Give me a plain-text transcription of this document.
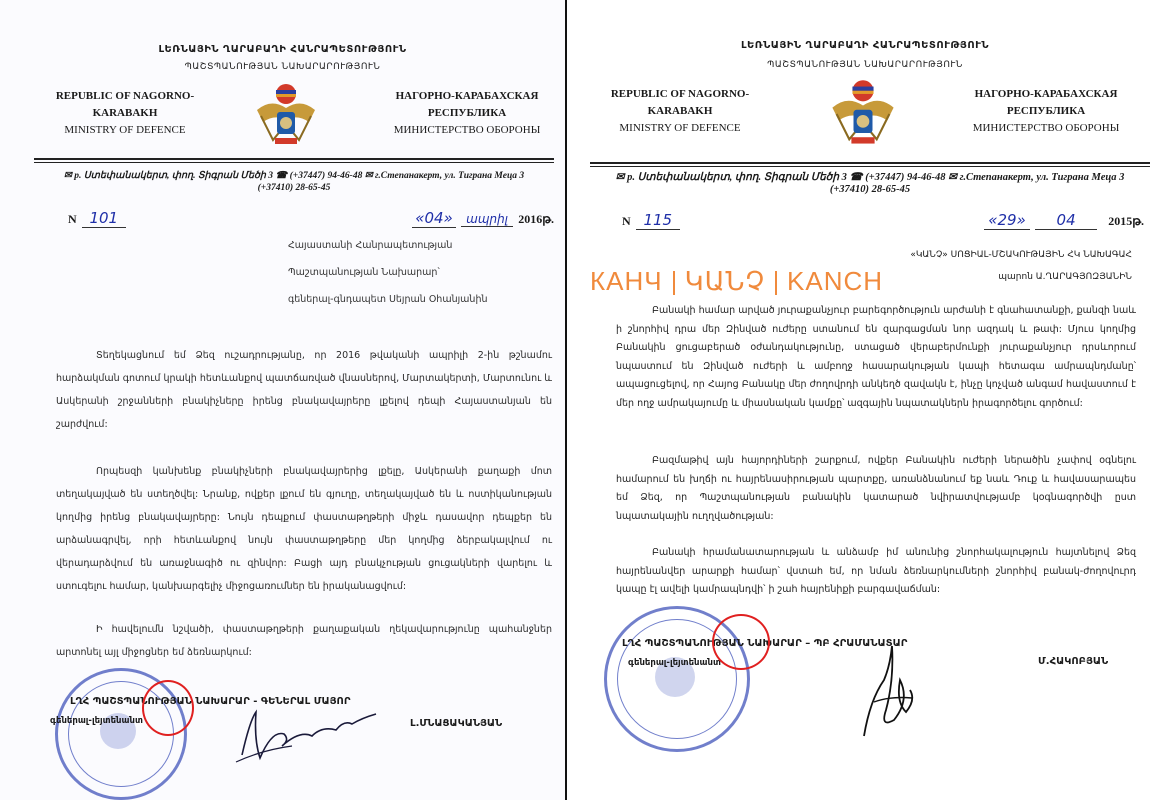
ԼԵՌՆԱՅԻՆ ՂԱՐԱԲԱՂԻ ՀԱՆՐԱՊԵՏՈՒԹՅՈՒՆ
ՊԱՇՏՊԱՆՈՒԹՅԱՆ ՆԱԽԱՐԱՐՈՒԹՅՈՒՆ
REPUBLIC OF NAGORNO-
KARABAKH
MINISTRY OF DEFENCE
НАГОРНО-КАРАБАХСКАЯ
РЕСПУБЛИКА
МИНИСТЕРСТВО ОБОРОНЫ
✉ p. Ստեփանակերտ, փող. Տիգրան Մեծի 3 ☎ (+37447) 94-46-48 ✉ г.Степанакерт, ул. Тиграна Меца 3
(+37410) 28-65-45
N 101	«04» ապրիլ 2016թ.
Հայաստանի Հանրապետության
Պաշտպանության Նախարար՝
գեներալ-գնդապետ Սեյրան Օհանյանին
Տեղեկացնում եմ Ձեզ ուշադրությանը, որ 2016 թվականի ապրիլի 2-ին թշնամու հարձակման գոտում կրակի հետևանքով պատճառված վնասներով, Մարտակերտի, Մարտունու և Ասկերանի շրջանների բնակիչները իրենց բնակավայրերը լքելով դեպի Հայաստանյան են շարժվում:
Որպեսզի կանխենք բնակիչների բնակավայրերից լքելը, Ասկերանի քաղաքի մոտ տեղակայված են ստեղծվել: Նրանք, ովքեր լքում են գյուղը, տեղակայված են և ոստիկանության կողմից իրենց բնակավայրերը: Նույն դեպքում փաստաթղթերի միջև դասավոր դեպքեր են արձանագրվել, որի հետևանքով նույն փաստաթղթերը մեր կողմից ձերբակալվում ու վերադարձվում են առաջնագիծ ու զինվոր: Բացի այդ բնակչության ցուցակների վարելու և ստուգելու համար, կանխարգելիչ միջոցառումներ են իրականացվում:
Ի հավելումն նշվածի, փաստաթղթերի քաղաքական ղեկավարությունը պահանջներ արտոնել այլ միջոցներ եմ ձեռնարկում:
ԼՂՀ ՊԱՇՏՊԱՆՈՒԹՅԱՆ ՆԱԽԱՐԱՐ - ԳԵՆԵՐԱԼ ՄԱՅՈՐ
գեներալ-լեյտենանտ	Լ.ՄՆԱՑԱԿԱՆՅԱՆ
ԼԵՌՆԱՅԻՆ ՂԱՐԱԲԱՂԻ ՀԱՆՐԱՊԵՏՈՒԹՅՈՒՆ
ՊԱՇՏՊԱՆՈՒԹՅԱՆ ՆԱԽԱՐԱՐՈՒԹՅՈՒՆ
REPUBLIC OF NAGORNO-
KARABAKH
MINISTRY OF DEFENCE
НАГОРНО-КАРАБАХСКАЯ
РЕСПУБЛИКА
МИНИСТЕРСТВО ОБОРОНЫ
✉ p. Ստեփանակերտ, փող. Տիգրան Մեծի 3 ☎ (+37447) 94-46-48 ✉ г.Степанакерт, ул. Тиграна Меца 3
(+37410) 28-65-45
N 115	«29» 04	2015թ.
«ԿԱՆՉ» ՍՈՑԻԱԼ-ՄՇԱԿՈՒԹԱՅԻՆ ՀԿ ՆԱԽԱԳԱՀ
պարոն Ա.ՂԱՐԱԳՅՈԶՅԱՆԻՆ
КАНЧ ԿԱՆՉ KANCH
Բանակի համար արված յուրաքանչյուր բարեգործություն արժանի է գնահատանքի, քանզի նաև ի շնորհիվ դրա մեր Զինված ուժերը ստանում են զարգացման նոր ազդակ և թափ: Մյուս կողմից Բանակին ցուցաբերած օժանդակությունը, ստացած վերաբերմունքի յուրաքանչյուր դրսևորում նպաստում են Զինված ուժերի և ամբողջ հասարակության կապի հետագա ամրապնդմանը՝ ապացուցելով, որ Հայոց Բանակը մեր ժողովրդի անկեղծ զավակն է, ինչը կոչված անգամ հավաստում է մեր ողջ ամրակայումը և միասնական կամքը՝ ազգային նպատակներն իրագործելու գործում:
Բազմաթիվ այն հայորդիների շարքում, ովքեր Բանակին ուժերի ներածին չափով օգնելու համարում են խղճի ու հայրենասիրության պարտքը, առանձնանում եք նաև Դուք և հավասարապես եմ Ձեզ, որ Պաշտպանության բանակին կատարած նվիրատվությամբ կօգնագործվի ըստ նպատակային ուղղվածության:
Բանակի հրամանատարության և անձամբ իմ անունից շնորհակալություն հայտնելով Ձեզ հայրենանվեր արարքի համար՝ վստահ եմ, որ նման ձեռնարկումների շնորհիվ բանակ-ժողովուրդ կապը էլ ավելի կամրապնդվի՝ ի շահ հայրենիքի բարգավաճման:
ԼՂՀ ՊԱՇՏՊԱՆՈՒԹՅԱՆ ՆԱԽԱՐԱՐ – ՊԲ ՀՐԱՄԱՆԱՏԱՐ
գեներալ-լեյտենանտ	Մ.ՀԱԿՈԲՅԱՆ
